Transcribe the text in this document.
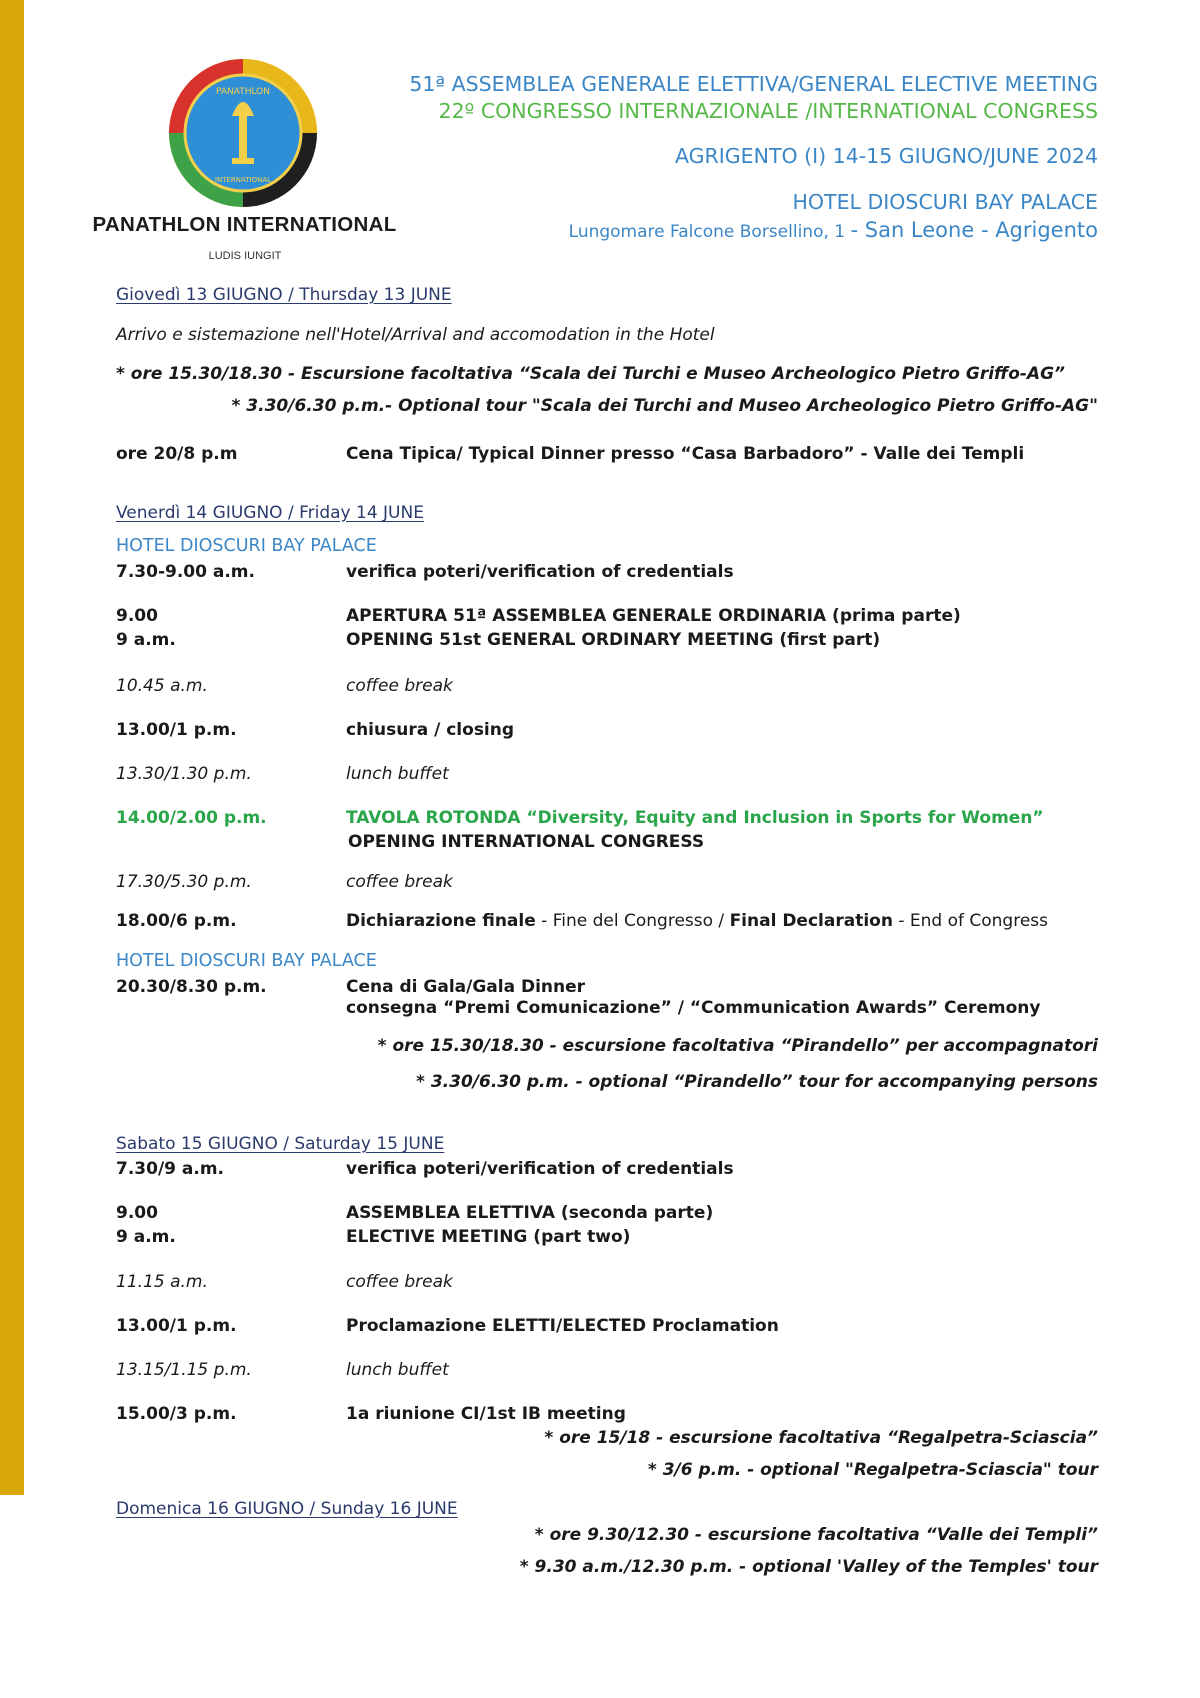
PANATHLON
INTERNATIONAL
PANATHLON INTERNATIONAL
LUDIS IUNGIT
51ª ASSEMBLEA GENERALE ELETTIVA/GENERAL ELECTIVE MEETING
22º CONGRESSO INTERNAZIONALE /INTERNATIONAL CONGRESS
AGRIGENTO (I) 14-15 GIUGNO/JUNE 2024
HOTEL DIOSCURI BAY PALACE
Lungomare Falcone Borsellino, 1 - San Leone - Agrigento
Giovedì 13 GIUGNO / Thursday 13 JUNE
Arrivo e sistemazione nell'Hotel/Arrival and accomodation in the Hotel
* ore 15.30/18.30 - Escursione facoltativa “Scala dei Turchi e Museo Archeologico Pietro Griffo-AG”
* 3.30/6.30 p.m.- Optional tour "Scala dei Turchi and Museo Archeologico Pietro Griffo-AG"
ore 20/8 p.m	Cena Tipica/ Typical Dinner presso “Casa Barbadoro” - Valle dei Templi
Venerdì 14 GIUGNO / Friday 14 JUNE
HOTEL DIOSCURI BAY PALACE
7.30-9.00 a.m.	verifica poteri/verification of credentials
9.00	APERTURA 51ª ASSEMBLEA GENERALE ORDINARIA (prima parte)
9 a.m.	OPENING 51st GENERAL ORDINARY MEETING (first part)
10.45 a.m.	coffee break
13.00/1 p.m.	chiusura / closing
13.30/1.30 p.m.	lunch buffet
14.00/2.00 p.m.	TAVOLA ROTONDA “Diversity, Equity and Inclusion in Sports for Women”
OPENING INTERNATIONAL CONGRESS
17.30/5.30 p.m.	coffee break
18.00/6 p.m.	Dichiarazione finale - Fine del Congresso / Final Declaration - End of Congress
HOTEL DIOSCURI BAY PALACE
20.30/8.30 p.m.	Cena di Gala/Gala Dinner
consegna “Premi Comunicazione” / “Communication Awards” Ceremony
* ore 15.30/18.30 - escursione facoltativa “Pirandello” per accompagnatori
* 3.30/6.30 p.m. - optional “Pirandello” tour for accompanying persons
Sabato 15 GIUGNO / Saturday 15 JUNE
7.30/9 a.m.	verifica poteri/verification of credentials
9.00	ASSEMBLEA ELETTIVA (seconda parte)
9 a.m.	ELECTIVE MEETING (part two)
11.15 a.m.	coffee break
13.00/1 p.m.	Proclamazione ELETTI/ELECTED Proclamation
13.15/1.15 p.m.	lunch buffet
15.00/3 p.m.	1a riunione CI/1st IB meeting
* ore 15/18 - escursione facoltativa “Regalpetra-Sciascia”
* 3/6 p.m. - optional "Regalpetra-Sciascia" tour
Domenica 16 GIUGNO / Sunday 16 JUNE
* ore 9.30/12.30 - escursione facoltativa “Valle dei Templi”
* 9.30 a.m./12.30 p.m. - optional 'Valley of the Temples' tour
